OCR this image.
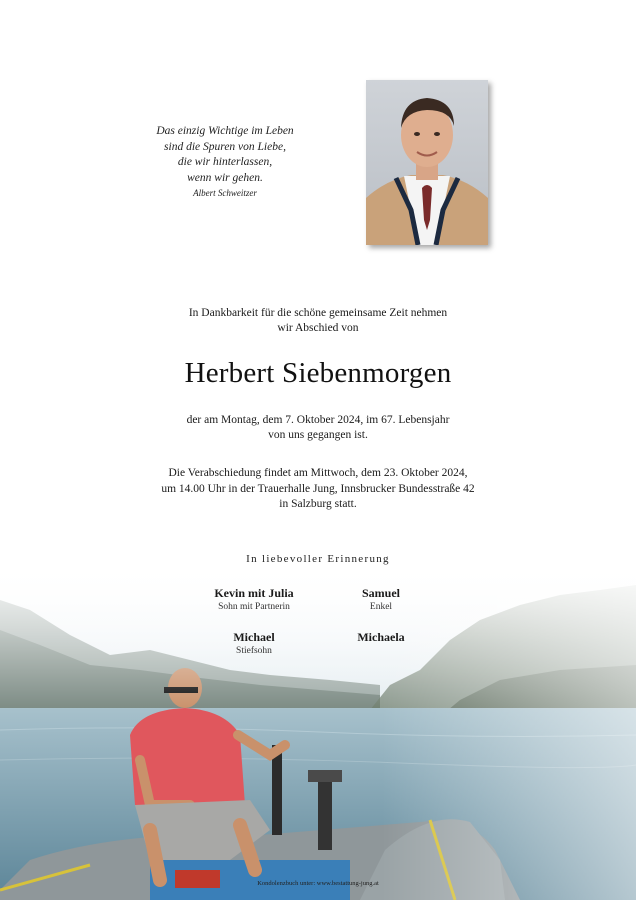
Das einzig Wichtige im Leben
sind die Spuren von Liebe,
die wir hinterlassen,
wenn wir gehen.
Albert Schweitzer
In Dankbarkeit für die schöne gemeinsame Zeit nehmen
wir Abschied von
Herbert Siebenmorgen
der am Montag, dem 7. Oktober 2024, im 67. Lebensjahr
von uns gegangen ist.
Die Verabschiedung findet am Mittwoch, dem 23. Oktober 2024,
um 14.00 Uhr in der Trauerhalle Jung, Innsbrucker Bundesstraße 42
in Salzburg statt.
In liebevoller Erinnerung
Kevin mit Julia
Sohn mit Partnerin
Samuel
Enkel
Michael
Stiefsohn
Michaela
Kondolenzbuch unter: www.bestattung-jung.at
